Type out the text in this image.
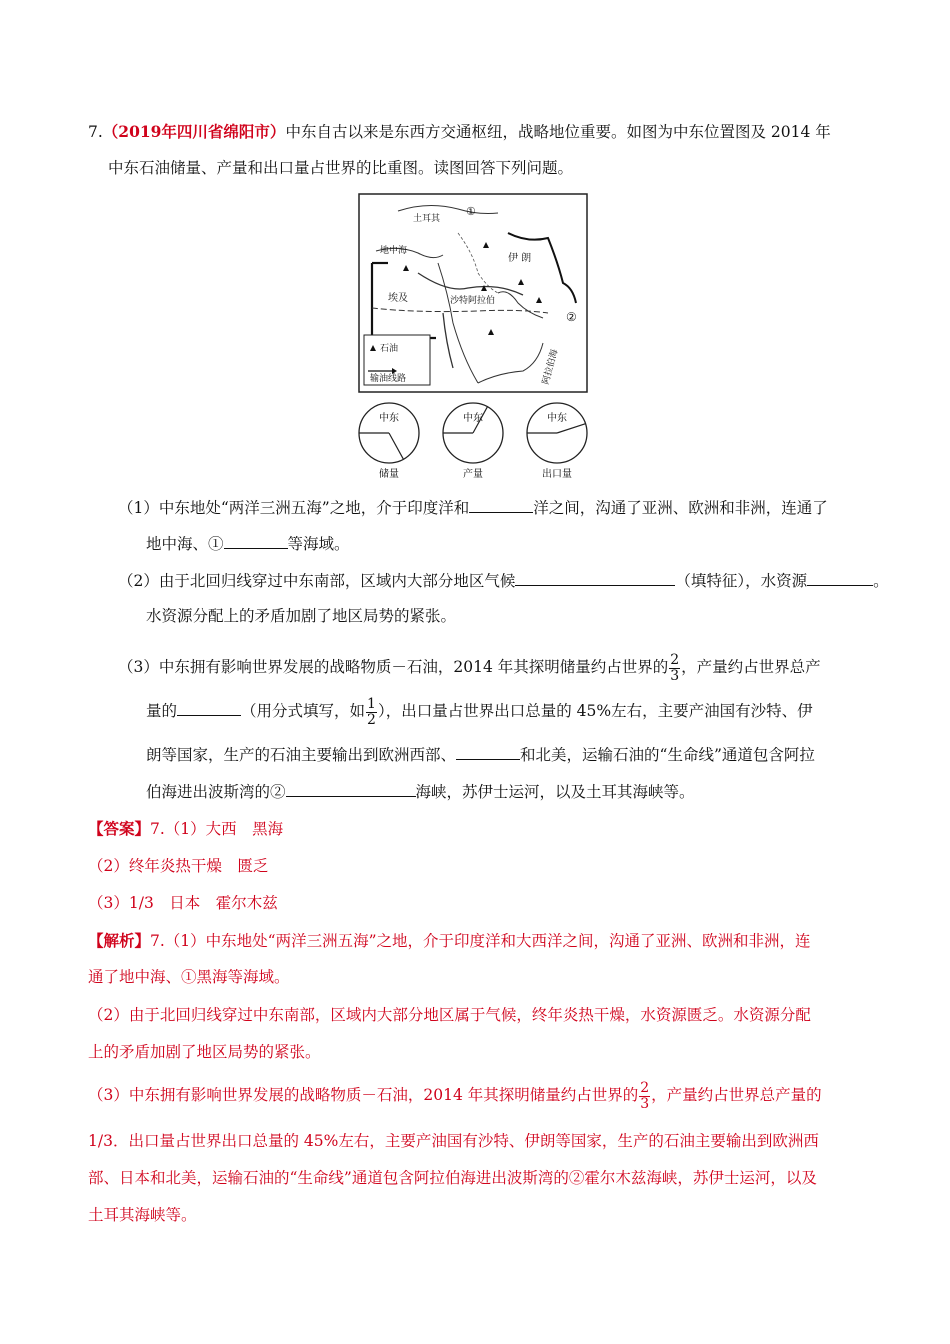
7.（2019年四川省绵阳市）中东自古以来是东西方交通枢纽，战略地位重要。如图为中东位置图及 2014 年
中东石油储量、产量和出口量占世界的比重图。读图回答下列问题。
土耳其
①
地中海
伊 朗
埃及	沙特阿拉伯
②
阿拉伯海
石油
输油线路
中东
储量
中东
产量
中东
出口量
（1）中东地处“两洋三洲五海”之地，介于印度洋和	洋之间，沟通了亚洲、欧洲和非洲，连通了
地中海、①	等海域。
（2）由于北回归线穿过中东南部，区域内大部分地区气候	（填特征），水资源	。
水资源分配上的矛盾加剧了地区局势的紧张。
（3）中东拥有影响世界发展的战略物质－石油，2014 年其探明储量约占世界的 $\frac{2}{3}$ ，产量约占世界总产
量的	（用分式填写，如 $\frac{1}{2}$ ），出口量占世界出口总量的 45%左右，主要产油国有沙特、伊
朗等国家，生产的石油主要输出到欧洲西部、	和北美，运输石油的“生命线”通道包含阿拉
伯海进出波斯湾的②	海峡，苏伊士运河，以及土耳其海峡等。
【答案】7.（1）大西　黑海
（2）终年炎热干燥　匮乏
（3）1/3　日本　霍尔木兹
【解析】7.（1）中东地处“两洋三洲五海”之地，介于印度洋和大西洋之间，沟通了亚洲、欧洲和非洲，连
通了地中海、①黑海等海域。
（2）由于北回归线穿过中东南部，区域内大部分地区属于气候，终年炎热干燥，水资源匮乏。水资源分配
上的矛盾加剧了地区局势的紧张。
（3）中东拥有影响世界发展的战略物质－石油，2014 年其探明储量约占世界的 $\frac{2}{3}$ ，产量约占世界总产量的
1/3．出口量占世界出口总量的 45%左右，主要产油国有沙特、伊朗等国家，生产的石油主要输出到欧洲西
部、日本和北美，运输石油的“生命线”通道包含阿拉伯海进出波斯湾的②霍尔木兹海峡，苏伊士运河，以及
土耳其海峡等。
